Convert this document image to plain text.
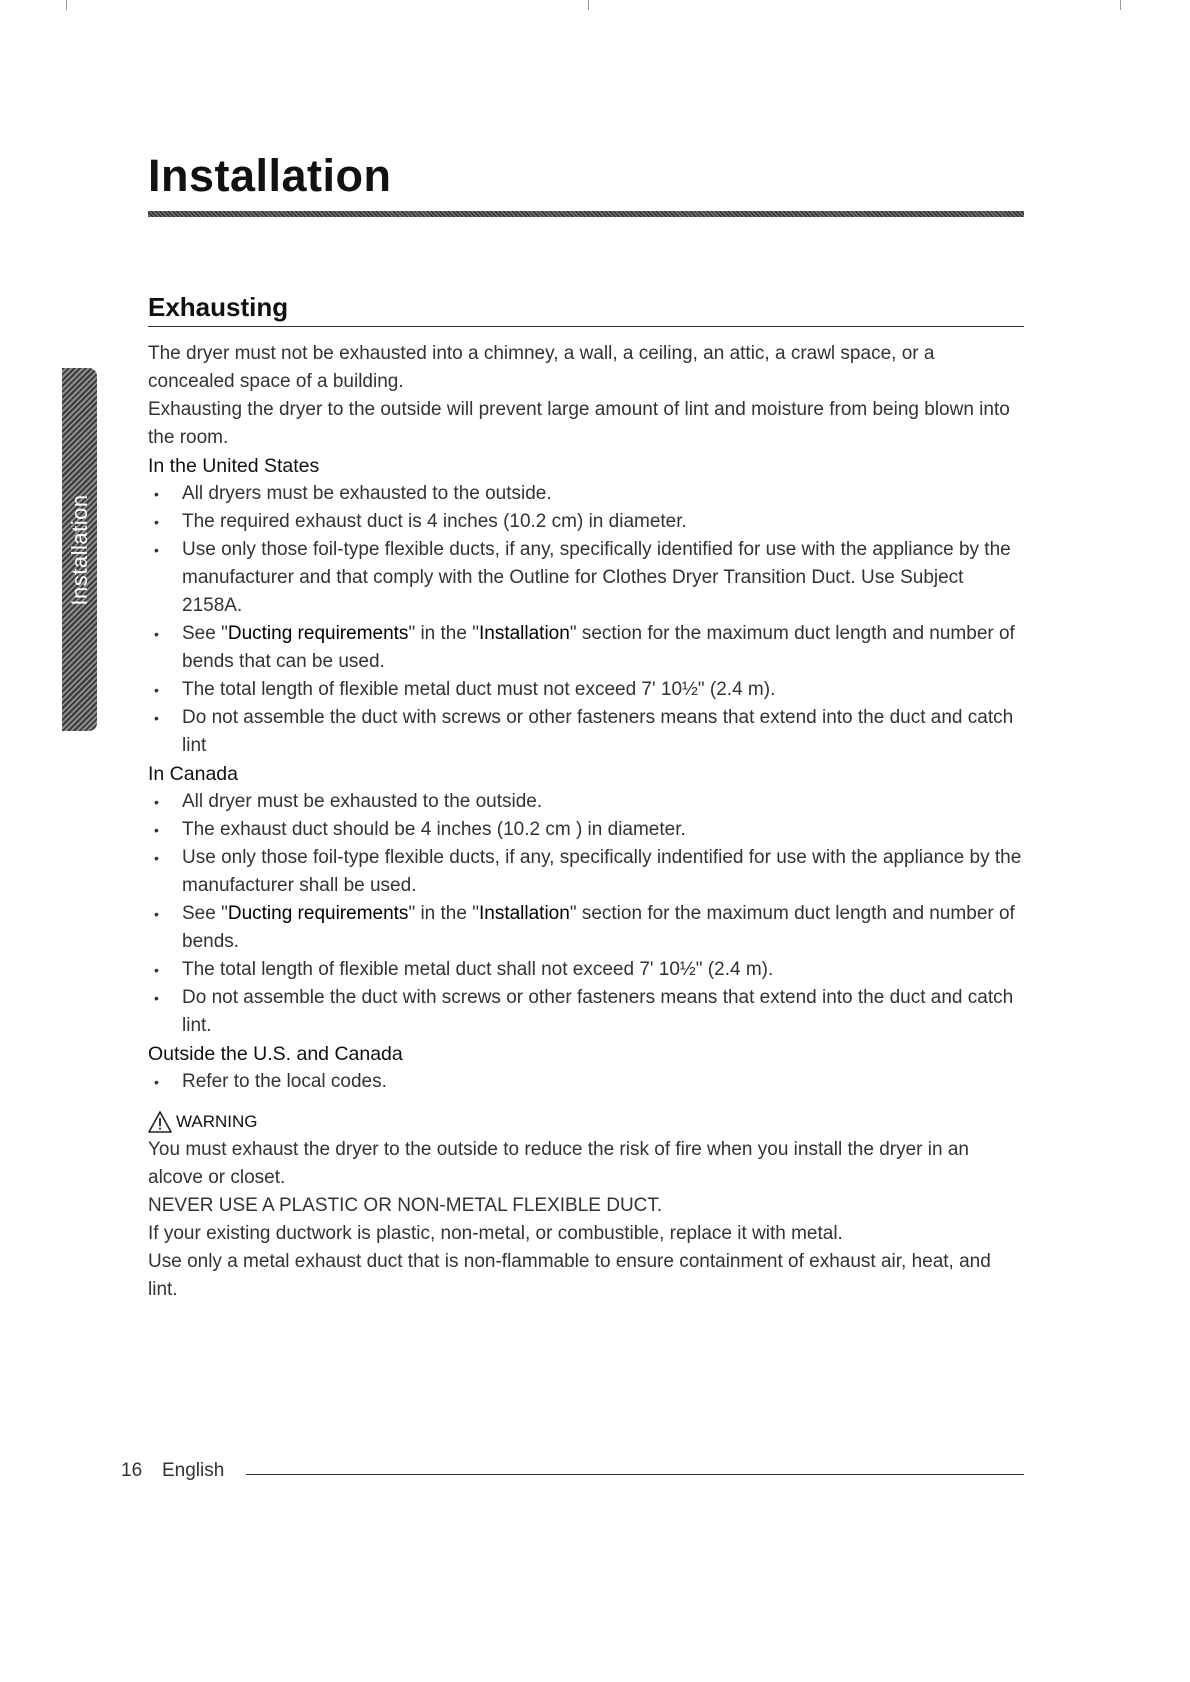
Installation
Installation
Exhausting

The dryer must not be exhausted into a chimney, a wall, a ceiling, an attic, a crawl space, or a concealed space of a building.

Exhausting the dryer to the outside will prevent large amount of lint and moisture from being blown into the room.

In the United States

• All dryers must be exhausted to the outside.
• The required exhaust duct is 4 inches (10.2 cm) in diameter.
• Use only those foil-type flexible ducts, if any, specifically identified for use with the appliance by the manufacturer and that comply with the Outline for Clothes Dryer Transition Duct. Use Subject 2158A.
• See "Ducting requirements" in the "Installation" section for the maximum duct length and number of bends that can be used.
• The total length of flexible metal duct must not exceed 7' 10½" (2.4 m).
• Do not assemble the duct with screws or other fasteners means that extend into the duct and catch lint

In Canada

• All dryer must be exhausted to the outside.
• The exhaust duct should be 4 inches (10.2 cm ) in diameter.
• Use only those foil-type flexible ducts, if any, specifically indentified for use with the appliance by the manufacturer shall be used.
• See "Ducting requirements" in the "Installation" section for the maximum duct length and number of bends.
• The total length of flexible metal duct shall not exceed 7' 10½" (2.4 m).
• Do not assemble the duct with screws or other fasteners means that extend into the duct and catch lint.

Outside the U.S. and Canada

• Refer to the local codes.
WARNING

You must exhaust the dryer to the outside to reduce the risk of fire when you install the dryer in an alcove or closet.

NEVER USE A PLASTIC OR NON-METAL FLEXIBLE DUCT.

If your existing ductwork is plastic, non-metal, or combustible, replace it with metal.

Use only a metal exhaust duct that is non-flammable to ensure containment of exhaust air, heat, and lint.

16 English
